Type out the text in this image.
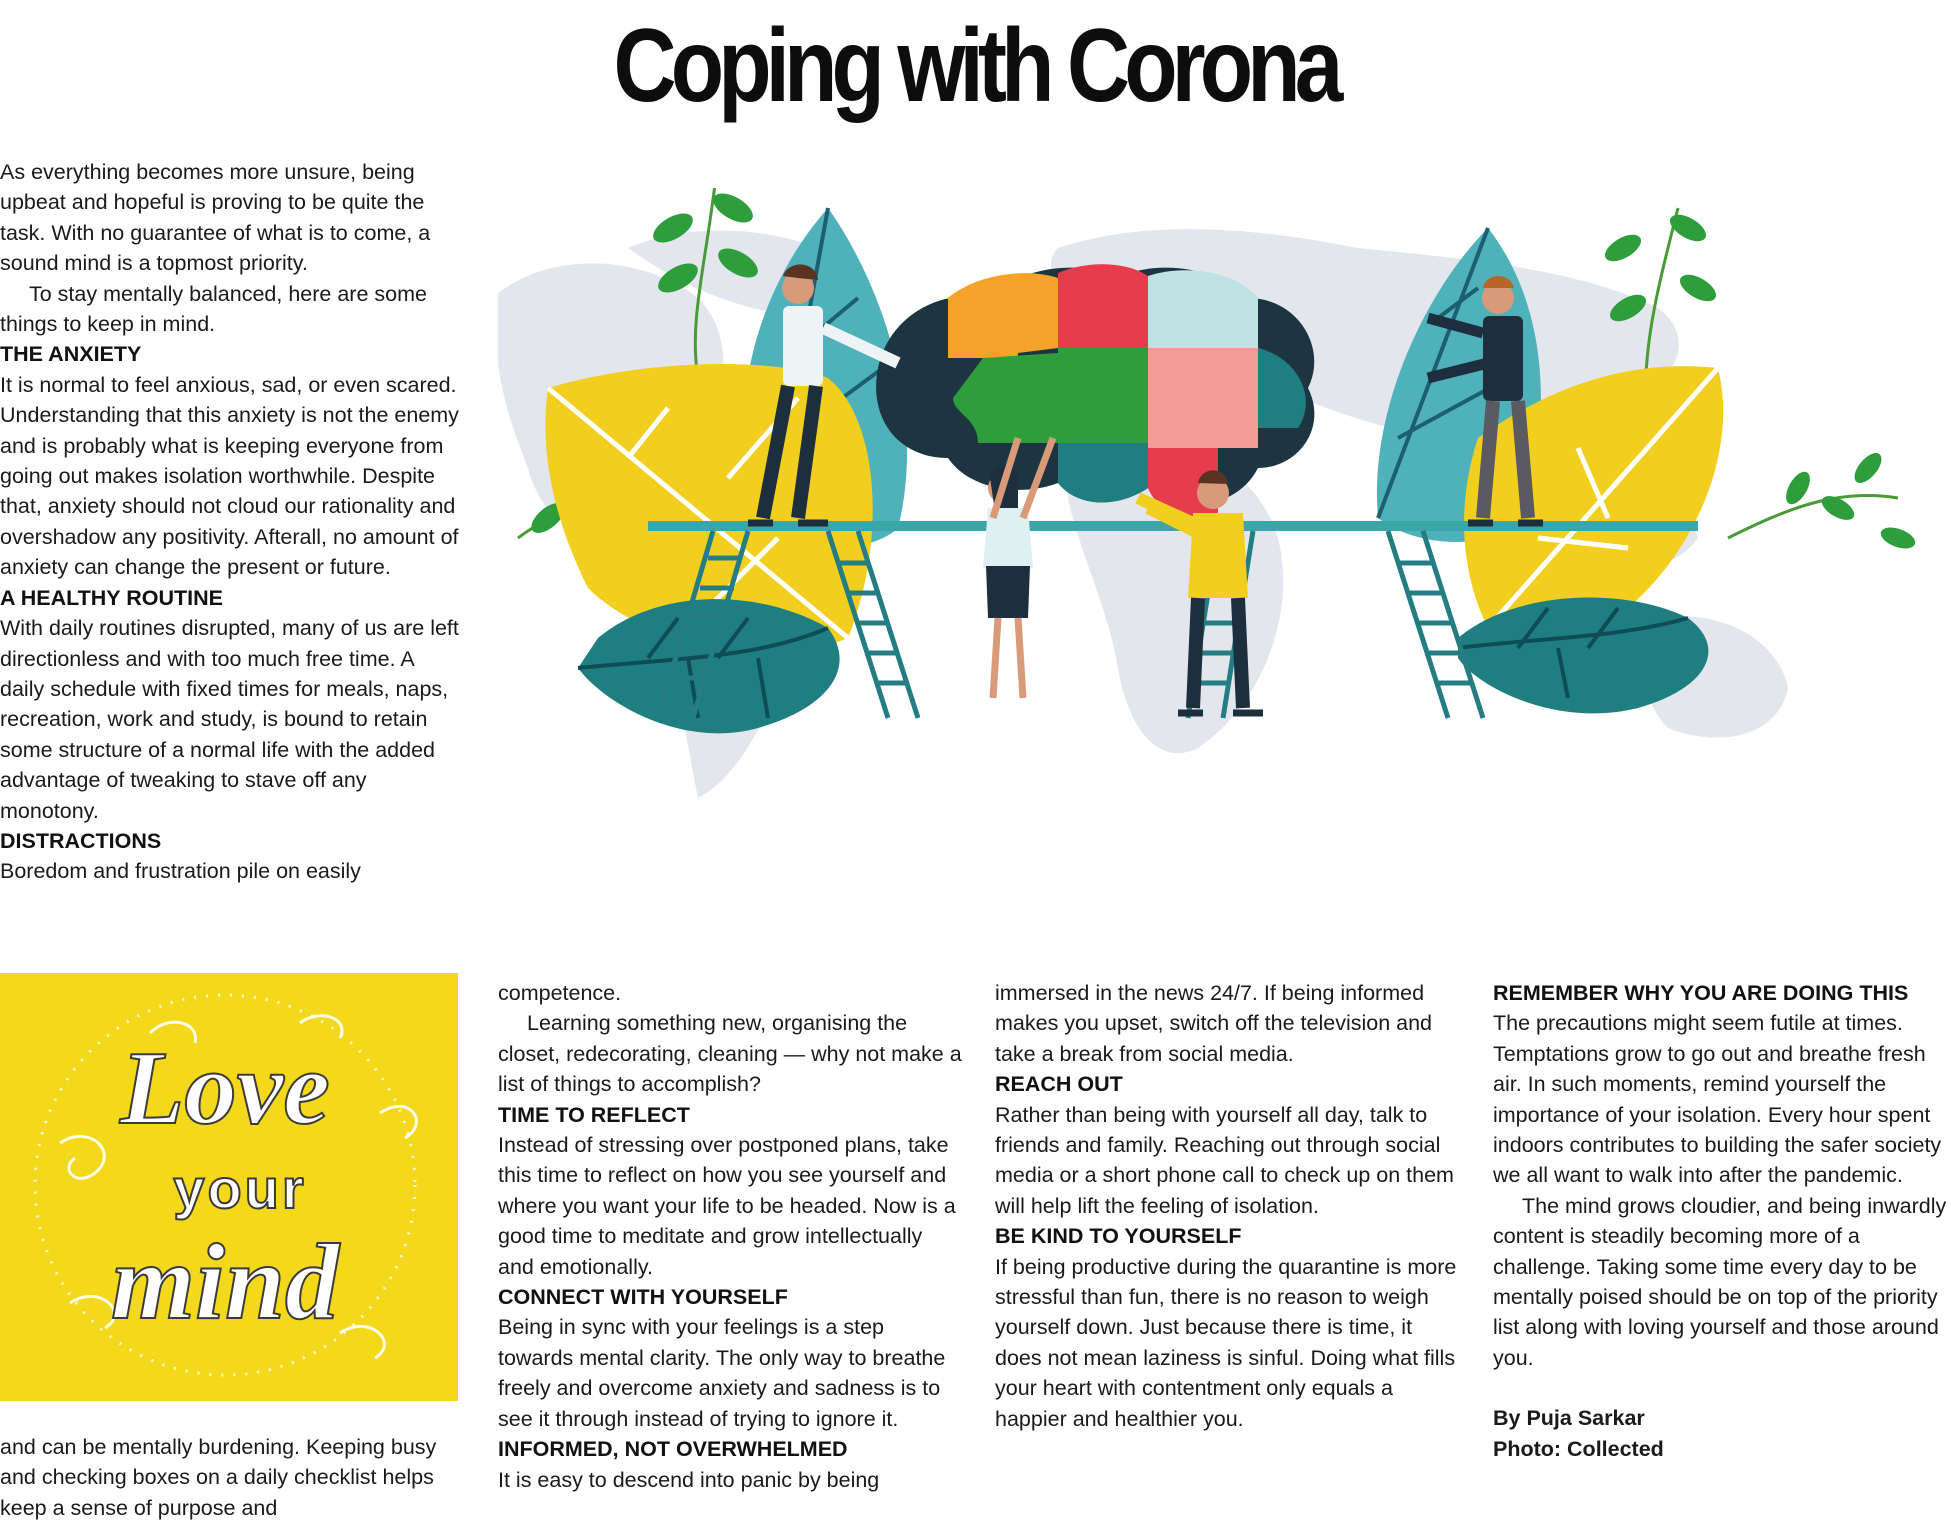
Coping with Corona

As everything becomes more unsure, being upbeat and hopeful is proving to be quite the task. With no guarantee of what is to come, a sound mind is a topmost priority.

To stay mentally balanced, here are some things to keep in mind.

THE ANXIETY

It is normal to feel anxious, sad, or even scared. Understanding that this anxiety is not the enemy and is probably what is keeping everyone from going out makes isolation worthwhile. Despite that, anxiety should not cloud our rationality and overshadow any positivity. Afterall, no amount of anxiety can change the present or future.

A HEALTHY ROUTINE

With daily routines disrupted, many of us are left directionless and with too much free time. A daily schedule with fixed times for meals, naps, recreation, work and study, is bound to retain some structure of a normal life with the added advantage of tweaking to stave off any monotony.

DISTRACTIONS

Boredom and frustration pile on easily

Love
your
mind

and can be mentally burdening. Keeping busy and checking boxes on a daily checklist helps keep a sense of purpose and

competence.

Learning something new, organising the closet, redecorating, cleaning — why not make a list of things to accomplish?

TIME TO REFLECT

Instead of stressing over postponed plans, take this time to reflect on how you see yourself and where you want your life to be headed. Now is a good time to meditate and grow intellectually and emotionally.

CONNECT WITH YOURSELF

Being in sync with your feelings is a step towards mental clarity. The only way to breathe freely and overcome anxiety and sadness is to see it through instead of trying to ignore it.

INFORMED, NOT OVERWHELMED

It is easy to descend into panic by being

immersed in the news 24/7. If being informed makes you upset, switch off the television and take a break from social media.

REACH OUT

Rather than being with yourself all day, talk to friends and family. Reaching out through social media or a short phone call to check up on them will help lift the feeling of isolation.

BE KIND TO YOURSELF

If being productive during the quarantine is more stressful than fun, there is no reason to weigh yourself down. Just because there is time, it does not mean laziness is sinful. Doing what fills your heart with contentment only equals a happier and healthier you.

REMEMBER WHY YOU ARE DOING THIS

The precautions might seem futile at times. Temptations grow to go out and breathe fresh air. In such moments, remind yourself the importance of your isolation. Every hour spent indoors contributes to building the safer society we all want to walk into after the pandemic.

The mind grows cloudier, and being inwardly content is steadily becoming more of a challenge. Taking some time every day to be mentally poised should be on top of the priority list along with loving yourself and those around you.

By Puja Sarkar

Photo: Collected
